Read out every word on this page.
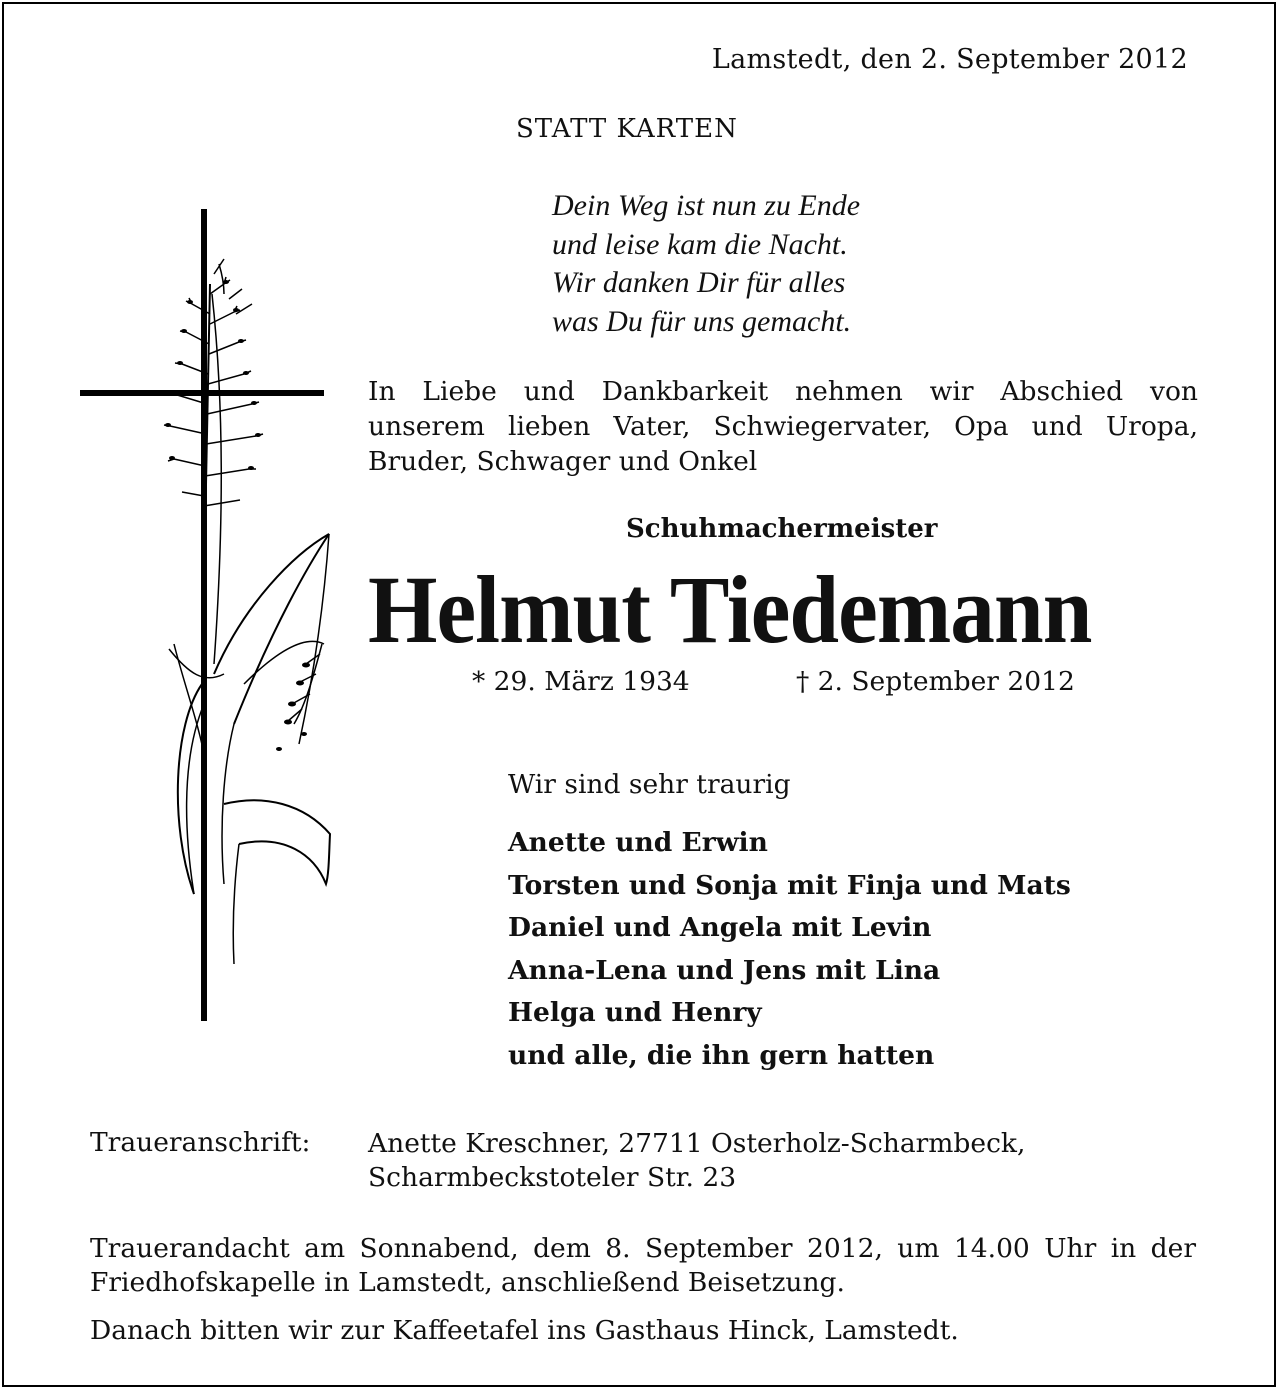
Lamstedt, den 2. September 2012
STATT KARTEN
Dein Weg ist nun zu Ende
und leise kam die Nacht.
Wir danken Dir für alles
was Du für uns gemacht.
In Liebe und Dankbarkeit nehmen wir Abschied von
unserem lieben Vater, Schwiegervater, Opa und Uropa,
Bruder, Schwager und Onkel
Schuhmachermeister
Helmut Tiedemann
* 29. März 1934	† 2. September 2012
Wir sind sehr traurig
Anette und Erwin
Torsten und Sonja mit Finja und Mats
Daniel und Angela mit Levin
Anna-Lena und Jens mit Lina
Helga und Henry
und alle, die ihn gern hatten
Traueranschrift: Anette Kreschner, 27711 Osterholz-Scharmbeck,
Scharmbeckstoteler Str. 23
Trauerandacht am Sonnabend, dem 8. September 2012, um 14.00 Uhr in der
Friedhofskapelle in Lamstedt, anschließend Beisetzung.
Danach bitten wir zur Kaffeetafel ins Gasthaus Hinck, Lamstedt.
